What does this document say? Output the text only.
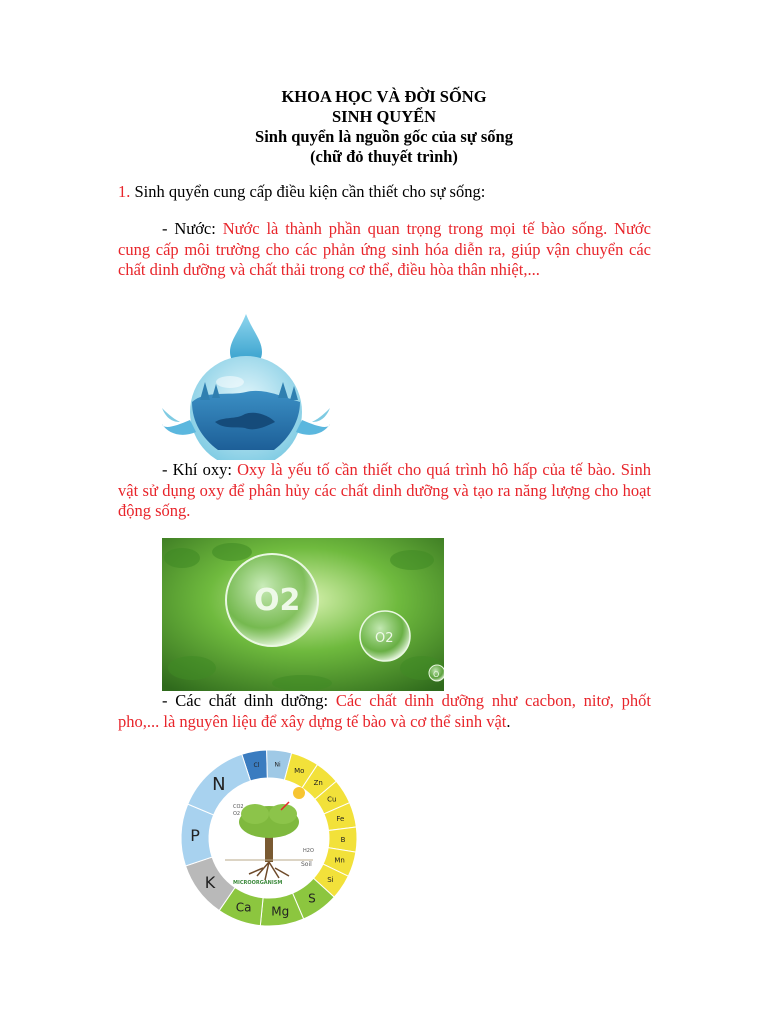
KHOA HỌC VÀ ĐỜI SỐNG
SINH QUYỂN
Sinh quyển là nguồn gốc của sự sống
(chữ đỏ thuyết trình)
1. Sinh quyển cung cấp điều kiện cần thiết cho sự sống:
- Nước: Nước là thành phần quan trọng trong mọi tế bào sống. Nước cung cấp môi trường cho các phản ứng sinh hóa diễn ra, giúp vận chuyển các chất dinh dưỡng và chất thải trong cơ thể, điều hòa thân nhiệt,...
- Khí oxy: Oxy là yếu tố cần thiết cho quá trình hô hấp của tế bào. Sinh vật sử dụng oxy để phân hủy các chất dinh dưỡng và tạo ra năng lượng cho hoạt động sống.
O2
O2
O
- Các chất dinh dưỡng: Các chất dinh dưỡng như cacbon, nitơ, phốt pho,... là nguyên liệu để xây dựng tế bào và cơ thể sinh vật.
Cl	Ni
Mo
Zn
Cu
Fe
B
Mn
Si
S
Mg
Ca
K
P
N
CO2
O2
H2O
Soil
MICROORGANISM
